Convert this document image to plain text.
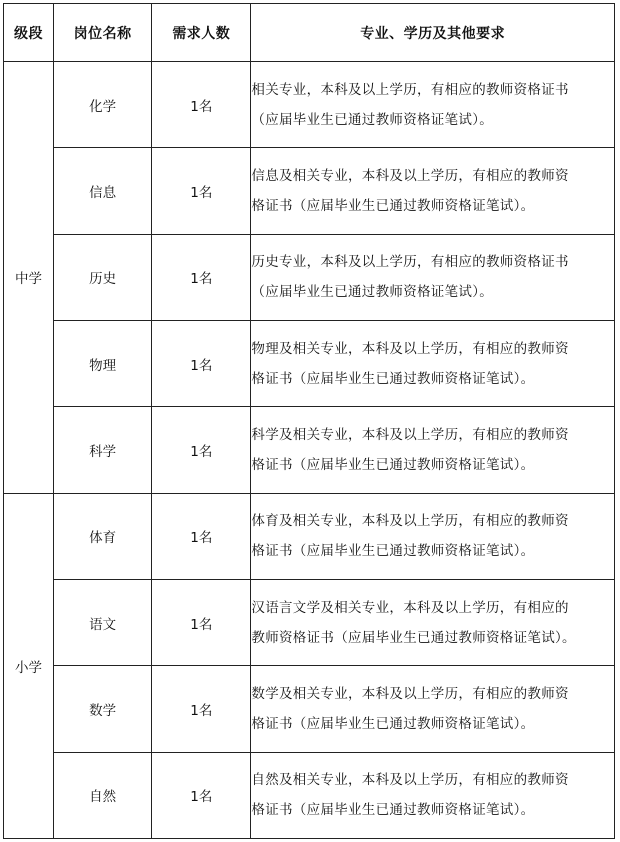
级段	岗位名称	需求人数	专业、学历及其他要求
中学	化学	1名	相关专业，本科及以上学历，有相应的教师资格证书
（应届毕业生已通过教师资格证笔试）。
	信息	1名	信息及相关专业，本科及以上学历，有相应的教师资
格证书（应届毕业生已通过教师资格证笔试）。
	历史	1名	历史专业，本科及以上学历，有相应的教师资格证书
（应届毕业生已通过教师资格证笔试）。
	物理	1名	物理及相关专业，本科及以上学历，有相应的教师资
格证书（应届毕业生已通过教师资格证笔试）。
	科学	1名	科学及相关专业，本科及以上学历，有相应的教师资
格证书（应届毕业生已通过教师资格证笔试）。
小学	体育	1名	体育及相关专业，本科及以上学历，有相应的教师资
格证书（应届毕业生已通过教师资格证笔试）。
	语文	1名	汉语言文学及相关专业，本科及以上学历，有相应的
教师资格证书（应届毕业生已通过教师资格证笔试）。
	数学	1名	数学及相关专业，本科及以上学历，有相应的教师资
格证书（应届毕业生已通过教师资格证笔试）。
	自然	1名	自然及相关专业，本科及以上学历，有相应的教师资
格证书（应届毕业生已通过教师资格证笔试）。
